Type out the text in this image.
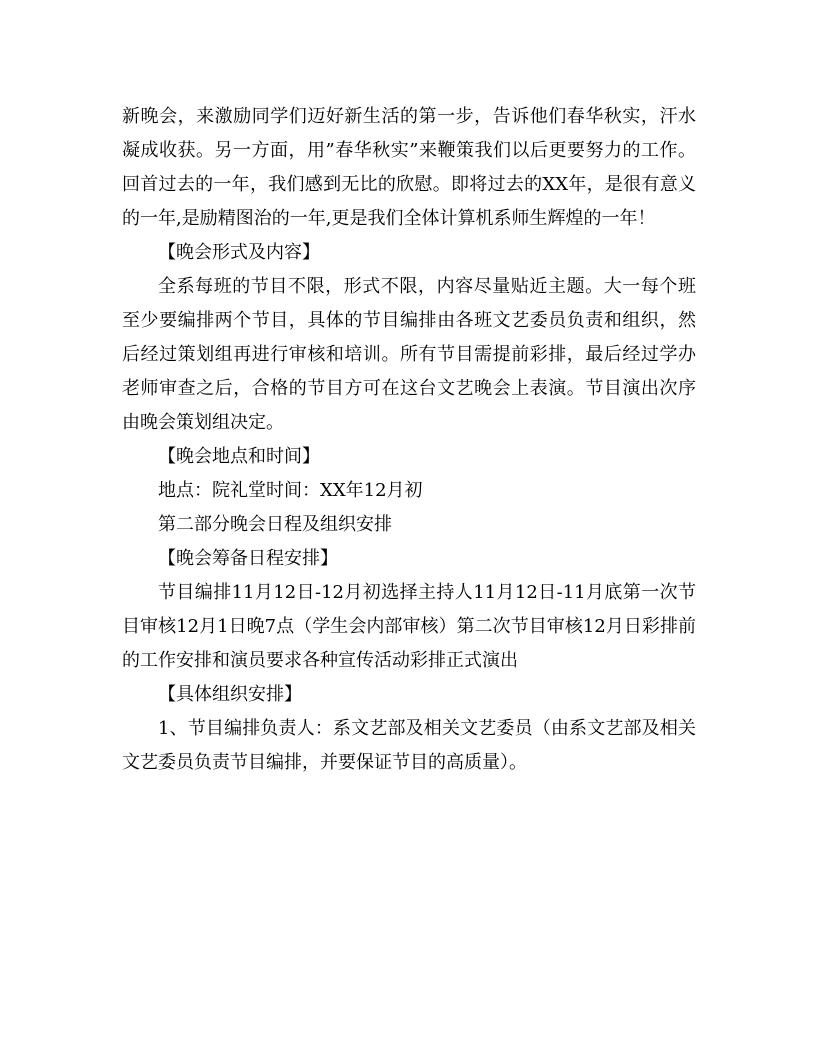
新晚会，来激励同学们迈好新生活的第一步，告诉他们春华秋实，汗水凝成收获。另一方面，用”春华秋实”来鞭策我们以后更要努力的工作。回首过去的一年，我们感到无比的欣慰。即将过去的XX年，是很有意义的一年,是励精图治的一年,更是我们全体计算机系师生辉煌的一年！

【晚会形式及内容】

全系每班的节目不限，形式不限，内容尽量贴近主题。大一每个班至少要编排两个节目，具体的节目编排由各班文艺委员负责和组织，然后经过策划组再进行审核和培训。所有节目需提前彩排，最后经过学办老师审查之后，合格的节目方可在这台文艺晚会上表演。节目演出次序由晚会策划组决定。

【晚会地点和时间】

地点：院礼堂时间：XX年12月初

第二部分晚会日程及组织安排

【晚会筹备日程安排】

节目编排11月12日-12月初选择主持人11月12日-11月底第一次节目审核12月1日晚7点（学生会内部审核）第二次节目审核12月日彩排前的工作安排和演员要求各种宣传活动彩排正式演出

【具体组织安排】

1、节目编排负责人：系文艺部及相关文艺委员（由系文艺部及相关文艺委员负责节目编排，并要保证节目的高质量）。
